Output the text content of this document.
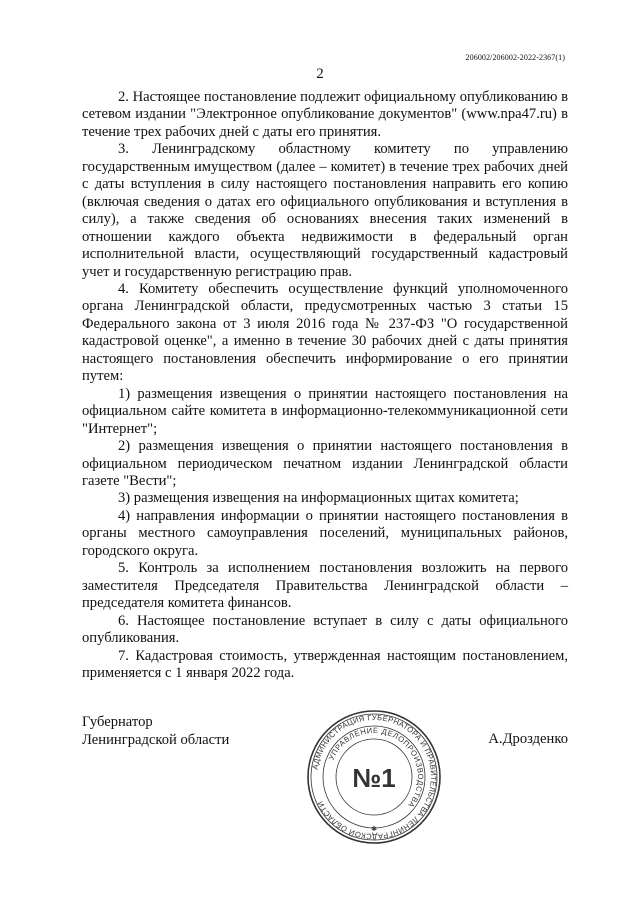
206002/206002-2022-2367(1)
2

2. Настоящее постановление подлежит официальному опубликованию в сетевом издании "Электронное опубликование документов" (www.npa47.ru) в течение трех рабочих дней с даты его принятия.

3. Ленинградскому областному комитету по управлению государственным имуществом (далее – комитет) в течение трех рабочих дней с даты вступления в силу настоящего постановления направить его копию (включая сведения о датах его официального опубликования и вступления в силу), а также сведения об основаниях внесения таких изменений в отношении каждого объекта недвижимости в федеральный орган исполнительной власти, осуществляющий государственный кадастровый учет и государственную регистрацию прав.

4. Комитету обеспечить осуществление функций уполномоченного органа Ленинградской области, предусмотренных частью 3 статьи 15 Федерального закона от 3 июля 2016 года № 237-ФЗ "О государственной кадастровой оценке", а именно в течение 30 рабочих дней с даты принятия настоящего постановления обеспечить информирование о его принятии путем:

1) размещения извещения о принятии настоящего постановления на официальном сайте комитета в информационно-телекоммуникационной сети "Интернет";

2) размещения извещения о принятии настоящего постановления в официальном периодическом печатном издании Ленинградской области газете "Вести";

3) размещения извещения на информационных щитах комитета;

4) направления информации о принятии настоящего постановления в органы местного самоуправления поселений, муниципальных районов, городского округа.

5. Контроль за исполнением постановления возложить на первого заместителя Председателя Правительства Ленинградской области – председателя комитета финансов.

6. Настоящее постановление вступает в силу с даты официального опубликования.

7. Кадастровая стоимость, утвержденная настоящим постановлением, применяется с 1 января 2022 года.

Губернатор
Ленинградской области	А.Дрозденко
АДМИНИСТРАЦИЯ ГУБЕРНАТОРА И ПРАВИТЕЛЬСТВА ЛЕНИНГРАДСКОЙ ОБЛАСТИ
УПРАВЛЕНИЕ ДЕЛОПРОИЗВОДСТВА
№1
✱
